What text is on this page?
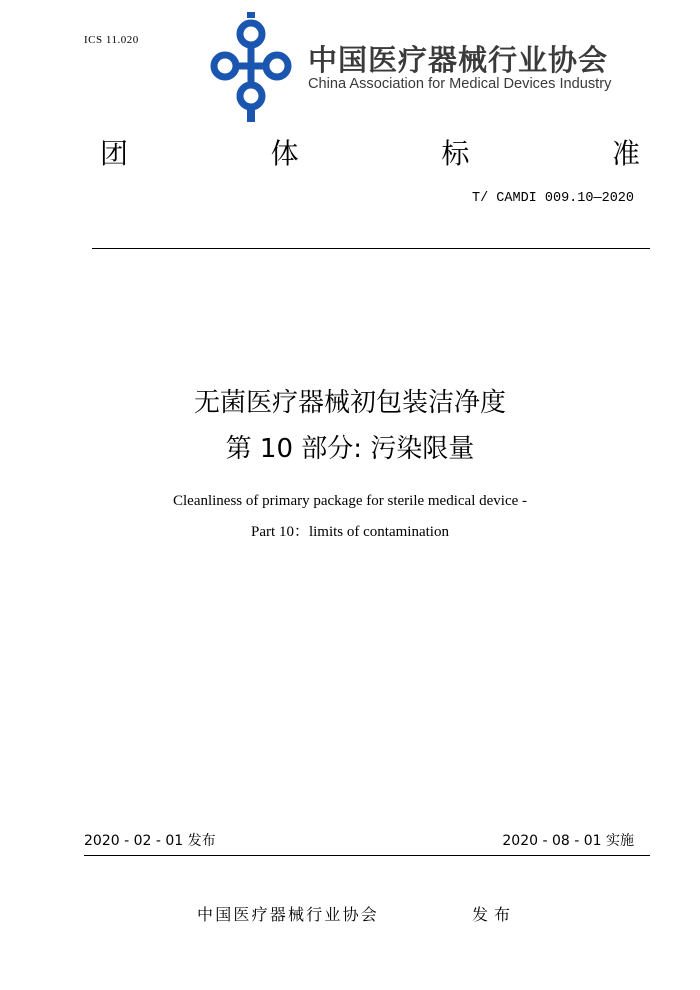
ICS 11.020
中国医疗器械行业协会
China Association for Medical Devices Industry
团	体	标	准
T/ CAMDI 009.10—2020
无菌医疗器械初包装洁净度
第 10 部分: 污染限量
Cleanliness of primary package for sterile medical device -
Part 10：limits of contamination
2020 - 02 - 01 发布	2020 - 08 - 01 实施
中国医疗器械行业协会	发布
